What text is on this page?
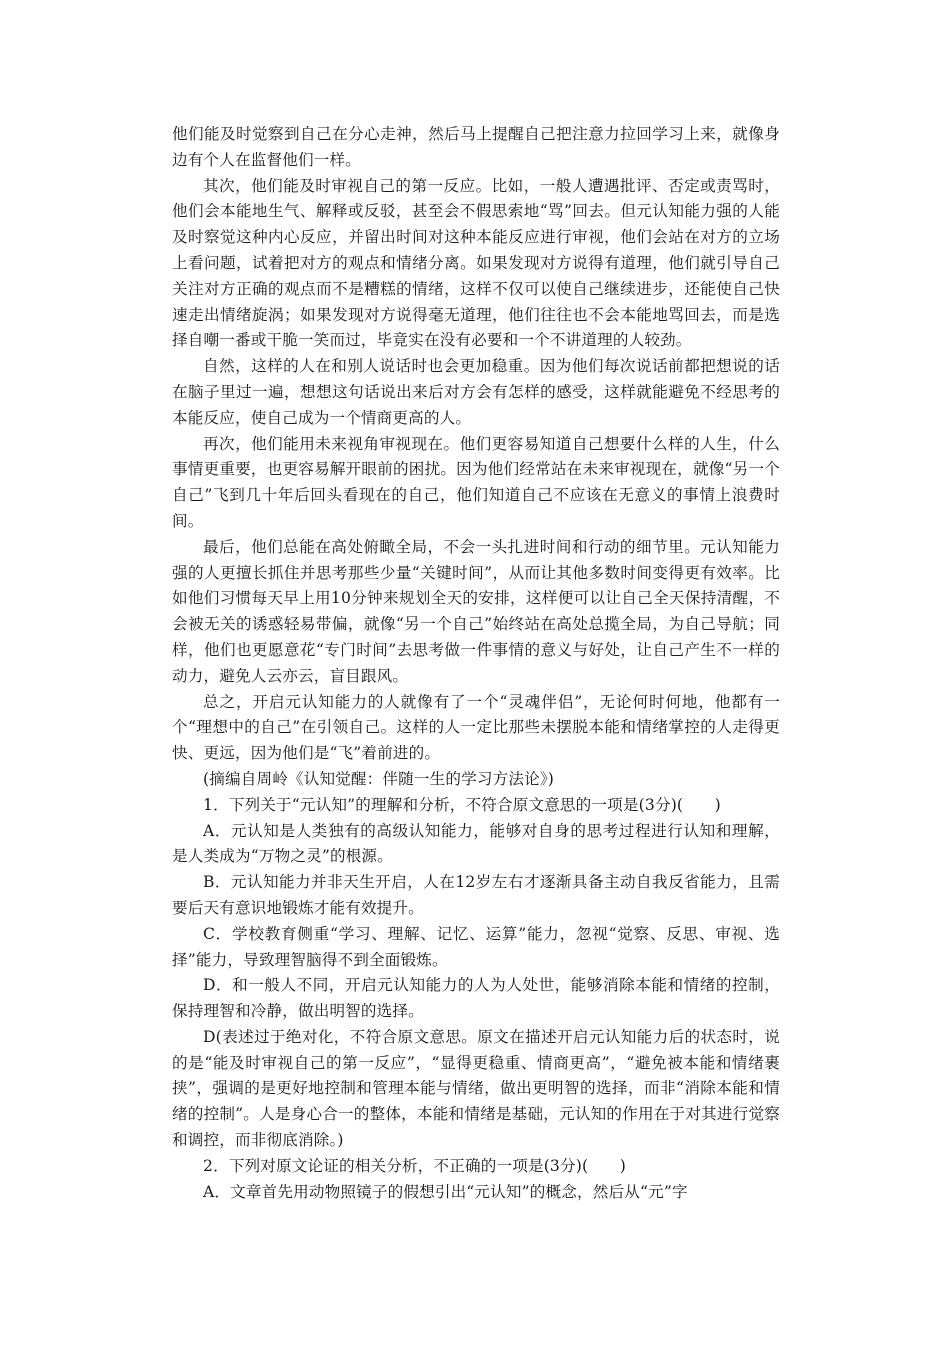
他们能及时觉察到自己在分心走神，然后马上提醒自己把注意力拉回学习上来，就像身边有个人在监督他们一样。

其次，他们能及时审视自己的第一反应。比如，一般人遭遇批评、否定或责骂时，他们会本能地生气、解释或反驳，甚至会不假思索地“骂”回去。但元认知能力强的人能及时察觉这种内心反应，并留出时间对这种本能反应进行审视，他们会站在对方的立场上看问题，试着把对方的观点和情绪分离。如果发现对方说得有道理，他们就引导自己关注对方正确的观点而不是糟糕的情绪，这样不仅可以使自己继续进步，还能使自己快速走出情绪旋涡；如果发现对方说得毫无道理，他们往往也不会本能地骂回去，而是选择自嘲一番或干脆一笑而过，毕竟实在没有必要和一个不讲道理的人较劲。

自然，这样的人在和别人说话时也会更加稳重。因为他们每次说话前都把想说的话在脑子里过一遍，想想这句话说出来后对方会有怎样的感受，这样就能避免不经思考的本能反应，使自己成为一个情商更高的人。

再次，他们能用未来视角审视现在。他们更容易知道自己想要什么样的人生，什么事情更重要，也更容易解开眼前的困扰。因为他们经常站在未来审视现在，就像“另一个自己”飞到几十年后回头看现在的自己，他们知道自己不应该在无意义的事情上浪费时间。

最后，他们总能在高处俯瞰全局，不会一头扎进时间和行动的细节里。元认知能力强的人更擅长抓住并思考那些少量“关键时间”，从而让其他多数时间变得更有效率。比如他们习惯每天早上用10分钟来规划全天的安排，这样便可以让自己全天保持清醒，不会被无关的诱惑轻易带偏，就像“另一个自己”始终站在高处总揽全局，为自己导航；同样，他们也更愿意花“专门时间”去思考做一件事情的意义与好处，让自己产生不一样的动力，避免人云亦云，盲目跟风。

总之，开启元认知能力的人就像有了一个“灵魂伴侣”，无论何时何地，他都有一个“理想中的自己”在引领自己。这样的人一定比那些未摆脱本能和情绪掌控的人走得更快、更远，因为他们是“飞”着前进的。

(摘编自周岭《认知觉醒：伴随一生的学习方法论》)

1．下列关于“元认知”的理解和分析，不符合原文意思的一项是(3分)(　　)

A．元认知是人类独有的高级认知能力，能够对自身的思考过程进行认知和理解，是人类成为“万物之灵”的根源。

B．元认知能力并非天生开启，人在12岁左右才逐渐具备主动自我反省能力，且需要后天有意识地锻炼才能有效提升。

C．学校教育侧重“学习、理解、记忆、运算”能力，忽视“觉察、反思、审视、选择”能力，导致理智脑得不到全面锻炼。

D．和一般人不同，开启元认知能力的人为人处世，能够消除本能和情绪的控制，保持理智和冷静，做出明智的选择。

D(表述过于绝对化，不符合原文意思。原文在描述开启元认知能力后的状态时，说的是“能及时审视自己的第一反应”，“显得更稳重、情商更高”，“避免被本能和情绪裹挟”，强调的是更好地控制和管理本能与情绪，做出更明智的选择，而非“消除本能和情绪的控制”。人是身心合一的整体，本能和情绪是基础，元认知的作用在于对其进行觉察和调控，而非彻底消除。)

2．下列对原文论证的相关分析，不正确的一项是(3分)(　　)

A．文章首先用动物照镜子的假想引出“元认知”的概念，然后从“元”字
